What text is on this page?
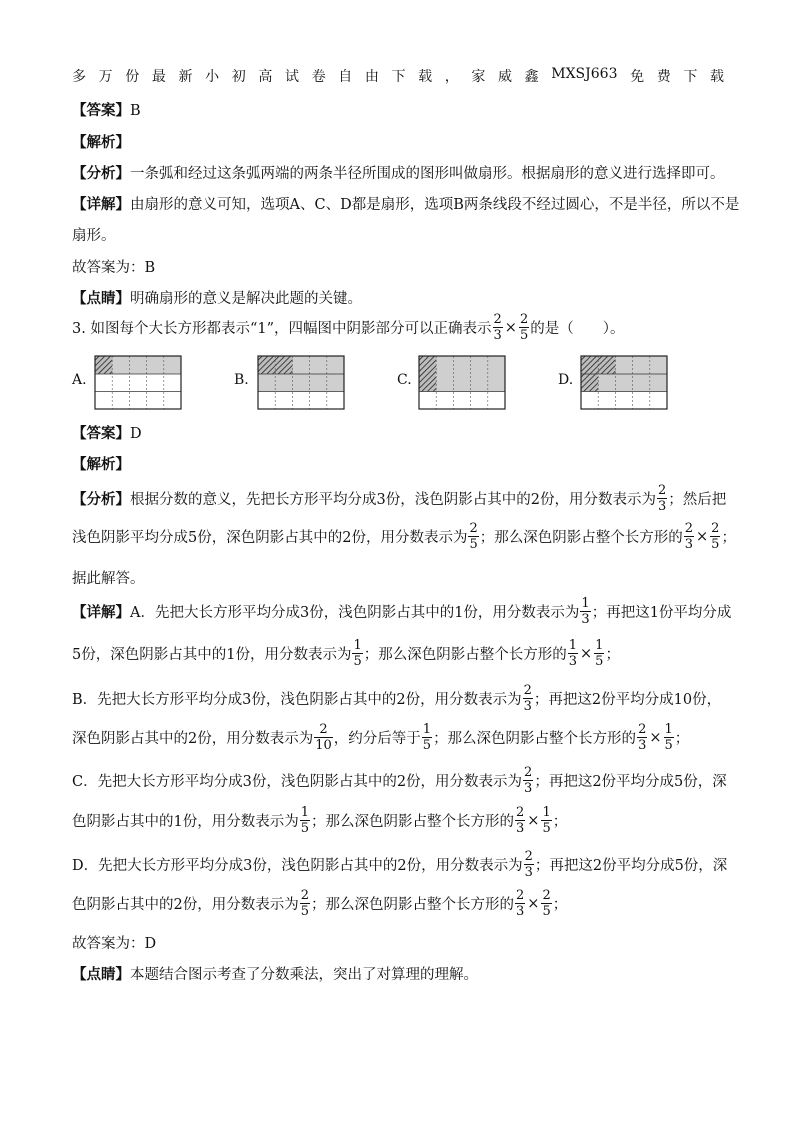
多 万 份 最 新 小 初 高 试 卷 自 由 下 载 ， 家 威 鑫 MXSJ663 免 费 下 载
【答案】B
【解析】
【分析】一条弧和经过这条弧两端的两条半径所围成的图形叫做扇形。根据扇形的意义进行选择即可。
【详解】由扇形的意义可知，选项A、C、D都是扇形，选项B两条线段不经过圆心，不是半径，所以不是
扇形。
故答案为：B
【点睛】明确扇形的意义是解决此题的关键。
3. 如图每个大长方形都表示“1”，四幅图中阴影部分可以正确表示 $\frac{2}{3} \times \frac{2}{5}$ 的是（　　）。
A.	B.	C.	D.
【答案】D
【解析】
【分析】根据分数的意义，先把长方形平均分成3份，浅色阴影占其中的2份，用分数表示为 $\frac{2}{3}$ ；然后把
浅色阴影平均分成5份，深色阴影占其中的2份，用分数表示为 $\frac{2}{5}$ ；那么深色阴影占整个长方形的 $\frac{2}{3} \times \frac{2}{5}$ ；
据此解答。
【详解】A．先把大长方形平均分成3份，浅色阴影占其中的1份，用分数表示为 $\frac{1}{3}$ ；再把这1份平均分成
5份，深色阴影占其中的1份，用分数表示为 $\frac{1}{5}$ ；那么深色阴影占整个长方形的 $\frac{1}{3} \times \frac{1}{5}$ ；
B．先把大长方形平均分成3份，浅色阴影占其中的2份，用分数表示为 $\frac{2}{3}$ ；再把这2份平均分成10份，
深色阴影占其中的2份，用分数表示为 $\frac{2}{10}$ ，约分后等于 $\frac{1}{5}$ ；那么深色阴影占整个长方形的 $\frac{2}{3} \times \frac{1}{5}$ ；
C．先把大长方形平均分成3份，浅色阴影占其中的2份，用分数表示为 $\frac{2}{3}$ ；再把这2份平均分成5份，深
色阴影占其中的1份，用分数表示为 $\frac{1}{5}$ ；那么深色阴影占整个长方形的 $\frac{2}{3} \times \frac{1}{5}$ ；
D．先把大长方形平均分成3份，浅色阴影占其中的2份，用分数表示为 $\frac{2}{3}$ ；再把这2份平均分成5份，深
色阴影占其中的2份，用分数表示为 $\frac{2}{5}$ ；那么深色阴影占整个长方形的 $\frac{2}{3} \times \frac{2}{5}$ ；
故答案为：D
【点睛】本题结合图示考查了分数乘法，突出了对算理的理解。
